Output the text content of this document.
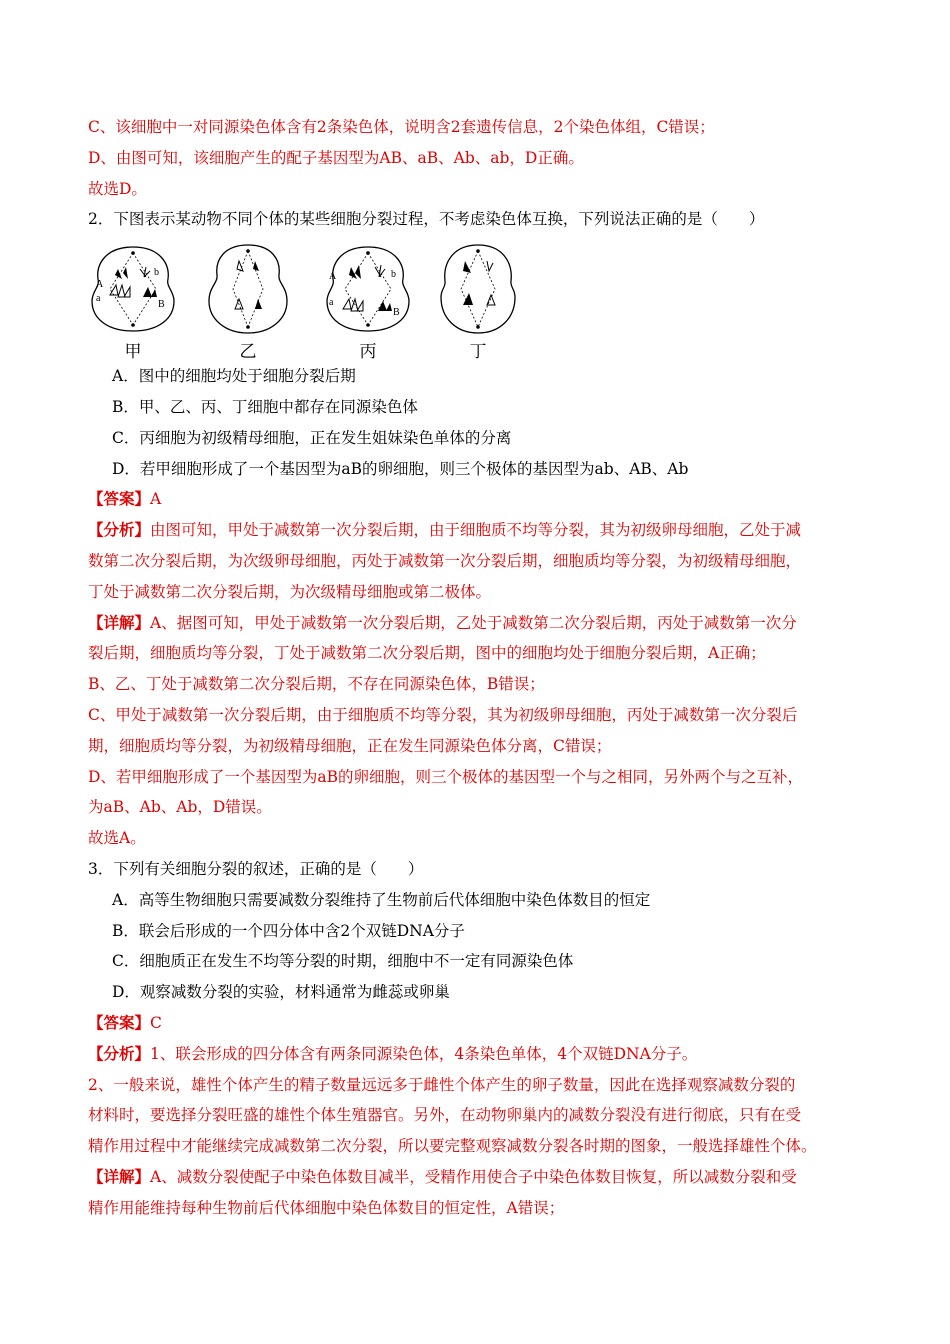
C、该细胞中一对同源染色体含有2条染色体，说明含2套遗传信息，2个染色体组，C错误；
D、由图可知，该细胞产生的配子基因型为AB、aB、Ab、ab，D正确。
故选D。
2．下图表示某动物不同个体的某些细胞分裂过程，不考虑染色体互换，下列说法正确的是（　　）
A
a
b
B
甲	乙
A
a
b
B
丙	丁
A．图中的细胞均处于细胞分裂后期
B．甲、乙、丙、丁细胞中都存在同源染色体
C．丙细胞为初级精母细胞，正在发生姐妹染色单体的分离
D．若甲细胞形成了一个基因型为aB的卵细胞，则三个极体的基因型为ab、AB、Ab
【答案】A
【分析】由图可知，甲处于减数第一次分裂后期，由于细胞质不均等分裂，其为初级卵母细胞，乙处于减
数第二次分裂后期，为次级卵母细胞，丙处于减数第一次分裂后期，细胞质均等分裂，为初级精母细胞，
丁处于减数第二次分裂后期，为次级精母细胞或第二极体。
【详解】A、据图可知，甲处于减数第一次分裂后期，乙处于减数第二次分裂后期，丙处于减数第一次分
裂后期，细胞质均等分裂，丁处于减数第二次分裂后期，图中的细胞均处于细胞分裂后期，A正确；
B、乙、丁处于减数第二次分裂后期，不存在同源染色体，B错误；
C、甲处于减数第一次分裂后期，由于细胞质不均等分裂，其为初级卵母细胞，丙处于减数第一次分裂后
期，细胞质均等分裂，为初级精母细胞，正在发生同源染色体分离，C错误；
D、若甲细胞形成了一个基因型为aB的卵细胞，则三个极体的基因型一个与之相同，另外两个与之互补，
为aB、Ab、Ab，D错误。
故选A。
3．下列有关细胞分裂的叙述，正确的是（　　）
A．高等生物细胞只需要减数分裂维持了生物前后代体细胞中染色体数目的恒定
B．联会后形成的一个四分体中含2个双链DNA分子
C．细胞质正在发生不均等分裂的时期，细胞中不一定有同源染色体
D．观察减数分裂的实验，材料通常为雌蕊或卵巢
【答案】C
【分析】1、联会形成的四分体含有两条同源染色体，4条染色单体，4个双链DNA分子。
2、一般来说，雄性个体产生的精子数量远远多于雌性个体产生的卵子数量，因此在选择观察减数分裂的
材料时，要选择分裂旺盛的雄性个体生殖器官。另外，在动物卵巢内的减数分裂没有进行彻底，只有在受
精作用过程中才能继续完成减数第二次分裂，所以要完整观察减数分裂各时期的图象，一般选择雄性个体。
【详解】A、减数分裂使配子中染色体数目减半，受精作用使合子中染色体数目恢复，所以减数分裂和受
精作用能维持每种生物前后代体细胞中染色体数目的恒定性，A错误；
